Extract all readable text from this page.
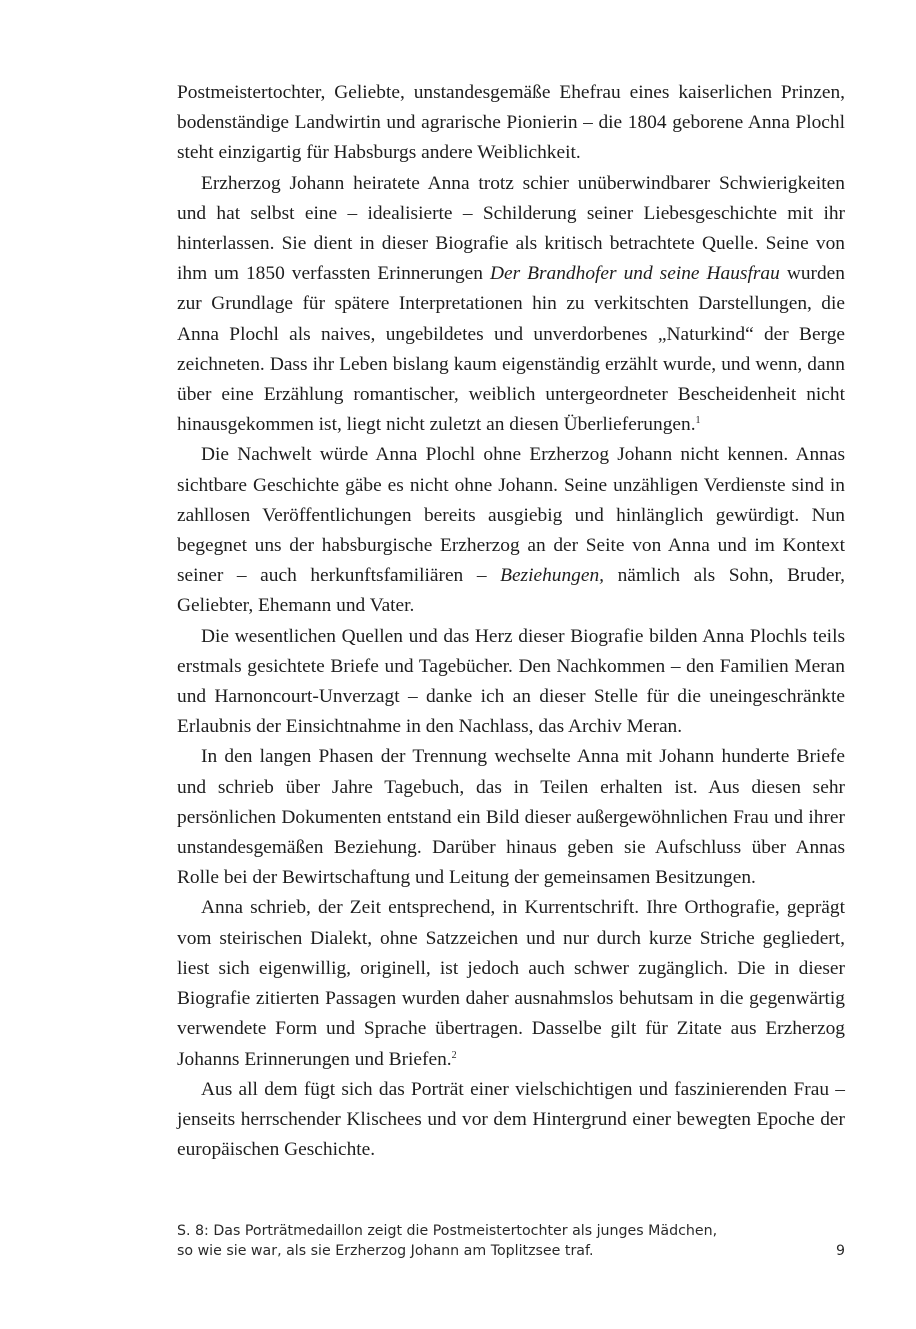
Postmeistertochter, Geliebte, unstandesgemäße Ehefrau eines kaiserlichen Prinzen, bodenständige Landwirtin und agrarische Pionierin – die 1804 geborene Anna Plochl steht einzigartig für Habsburgs andere Weiblichkeit.

Erzherzog Johann heiratete Anna trotz schier unüberwindbarer Schwierigkeiten und hat selbst eine – idealisierte – Schilderung seiner Liebesgeschichte mit ihr hinterlassen. Sie dient in dieser Biografie als kritisch betrachtete Quelle. Seine von ihm um 1850 verfassten Erinnerungen Der Brandhofer und seine Hausfrau wurden zur Grundlage für spätere Interpretationen hin zu verkitschten Darstellungen, die Anna Plochl als naives, ungebildetes und unverdorbenes „Naturkind“ der Berge zeichneten. Dass ihr Leben bislang kaum eigenständig erzählt wurde, und wenn, dann über eine Erzählung romantischer, weiblich untergeordneter Bescheidenheit nicht hinausgekommen ist, liegt nicht zuletzt an diesen Überlieferungen.$^1$

Die Nachwelt würde Anna Plochl ohne Erzherzog Johann nicht kennen. Annas sichtbare Geschichte gäbe es nicht ohne Johann. Seine unzähligen Verdienste sind in zahllosen Veröffentlichungen bereits ausgiebig und hinlänglich gewürdigt. Nun begegnet uns der habsburgische Erzherzog an der Seite von Anna und im Kontext seiner – auch herkunftsfamiliären – Beziehungen, nämlich als Sohn, Bruder, Geliebter, Ehemann und Vater.

Die wesentlichen Quellen und das Herz dieser Biografie bilden Anna Plochls teils erstmals gesichtete Briefe und Tagebücher. Den Nachkommen – den Familien Meran und Harnoncourt-Unverzagt – danke ich an dieser Stelle für die uneingeschränkte Erlaubnis der Einsichtnahme in den Nachlass, das Archiv Meran.

In den langen Phasen der Trennung wechselte Anna mit Johann hunderte Briefe und schrieb über Jahre Tagebuch, das in Teilen erhalten ist. Aus diesen sehr persönlichen Dokumenten entstand ein Bild dieser außergewöhnlichen Frau und ihrer unstandesgemäßen Beziehung. Darüber hinaus geben sie Aufschluss über Annas Rolle bei der Bewirtschaftung und Leitung der gemeinsamen Besitzungen.

Anna schrieb, der Zeit entsprechend, in Kurrentschrift. Ihre Orthografie, geprägt vom steirischen Dialekt, ohne Satzzeichen und nur durch kurze Striche gegliedert, liest sich eigenwillig, originell, ist jedoch auch schwer zugänglich. Die in dieser Biografie zitierten Passagen wurden daher ausnahmslos behutsam in die gegenwärtig verwendete Form und Sprache übertragen. Dasselbe gilt für Zitate aus Erzherzog Johanns Erinnerungen und Briefen.$^2$

Aus all dem fügt sich das Porträt einer vielschichtigen und faszinierenden Frau – jenseits herrschender Klischees und vor dem Hintergrund einer bewegten Epoche der europäischen Geschichte.

S. 8: Das Porträtmedaillon zeigt die Postmeistertochter als junges Mädchen,
so wie sie war, als sie Erzherzog Johann am Toplitzsee traf.	9
